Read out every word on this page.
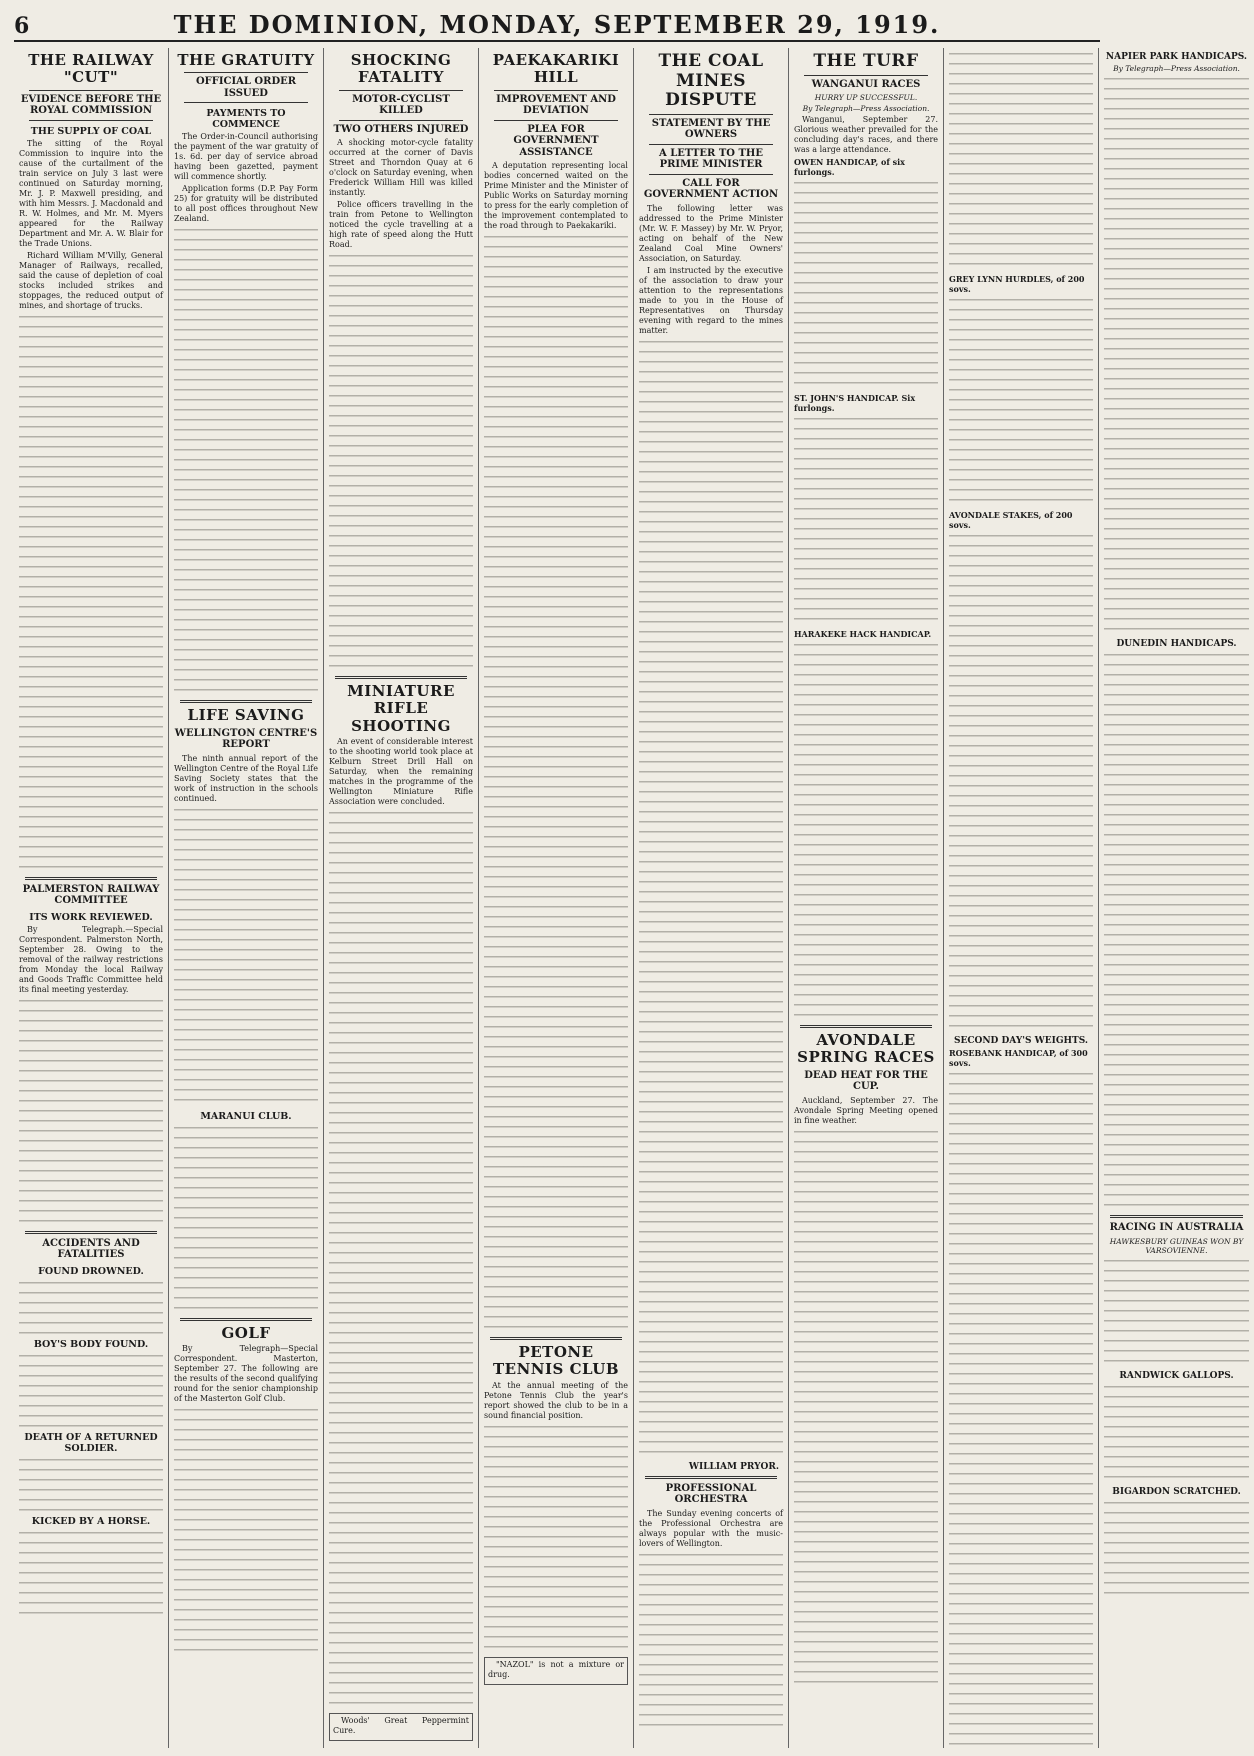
6	THE DOMINION, MONDAY, SEPTEMBER 29, 1919.
THE RAILWAY "CUT"
EVIDENCE BEFORE THE ROYAL COMMISSION
THE SUPPLY OF COAL

The sitting of the Royal Commission to inquire into the cause of the curtailment of the train service on July 3 last were continued on Saturday morning, Mr. J. P. Maxwell presiding, and with him Messrs. J. Macdonald and R. W. Holmes, and Mr. M. Myers appeared for the Railway Department and Mr. A. W. Blair for the Trade Unions.

Richard William M'Villy, General Manager of Railways, recalled, said the cause of depletion of coal stocks included strikes and stoppages, the reduced output of mines, and shortage of trucks.

PALMERSTON RAILWAY COMMITTEE
ITS WORK REVIEWED.

By Telegraph.—Special Correspondent. Palmerston North, September 28. Owing to the removal of the railway restrictions from Monday the local Railway and Goods Traffic Committee held its final meeting yesterday.

ACCIDENTS AND FATALITIES
FOUND DROWNED.
BOY'S BODY FOUND.
DEATH OF A RETURNED SOLDIER.
KICKED BY A HORSE.
THE GRATUITY
OFFICIAL ORDER ISSUED
PAYMENTS TO COMMENCE

The Order-in-Council authorising the payment of the war gratuity of 1s. 6d. per day of service abroad having been gazetted, payment will commence shortly.

Application forms (D.P. Pay Form 25) for gratuity will be distributed to all post offices throughout New Zealand.

LIFE SAVING
WELLINGTON CENTRE'S REPORT

The ninth annual report of the Wellington Centre of the Royal Life Saving Society states that the work of instruction in the schools continued.

MARANUI CLUB.
GOLF

By Telegraph—Special Correspondent. Masterton, September 27. The following are the results of the second qualifying round for the senior championship of the Masterton Golf Club.

SHOCKING FATALITY
MOTOR-CYCLIST KILLED
TWO OTHERS INJURED

A shocking motor-cycle fatality occurred at the corner of Davis Street and Thorndon Quay at 6 o'clock on Saturday evening, when Frederick William Hill was killed instantly.

Police officers travelling in the train from Petone to Wellington noticed the cycle travelling at a high rate of speed along the Hutt Road.

MINIATURE RIFLE SHOOTING

An event of considerable interest to the shooting world took place at Kelburn Street Drill Hall on Saturday, when the remaining matches in the programme of the Wellington Miniature Rifle Association were concluded.

Woods' Great Peppermint Cure.

PAEKAKARIKI HILL
IMPROVEMENT AND DEVIATION
PLEA FOR GOVERNMENT ASSISTANCE

A deputation representing local bodies concerned waited on the Prime Minister and the Minister of Public Works on Saturday morning to press for the early completion of the improvement contemplated to the road through to Paekakariki.

PETONE TENNIS CLUB

At the annual meeting of the Petone Tennis Club the year's report showed the club to be in a sound financial position.

"NAZOL" is not a mixture or drug.

THE COAL MINES DISPUTE
STATEMENT BY THE OWNERS
A LETTER TO THE PRIME MINISTER
CALL FOR GOVERNMENT ACTION

The following letter was addressed to the Prime Minister (Mr. W. F. Massey) by Mr. W. Pryor, acting on behalf of the New Zealand Coal Mine Owners' Association, on Saturday.

I am instructed by the executive of the association to draw your attention to the representations made to you in the House of Representatives on Thursday evening with regard to the mines matter.

WILLIAM PRYOR.
PROFESSIONAL ORCHESTRA

The Sunday evening concerts of the Professional Orchestra are always popular with the music-lovers of Wellington.

THE TURF
WANGANUI RACES
HURRY UP SUCCESSFUL.
By Telegraph—Press Association.

Wanganui, September 27. Glorious weather prevailed for the concluding day's races, and there was a large attendance.

OWEN HANDICAP, of six furlongs.
ST. JOHN'S HANDICAP. Six furlongs.
HARAKEKE HACK HANDICAP.
AVONDALE SPRING RACES
DEAD HEAT FOR THE CUP.

Auckland, September 27. The Avondale Spring Meeting opened in fine weather.

GREY LYNN HURDLES, of 200 sovs.
AVONDALE STAKES, of 200 sovs.
SECOND DAY'S WEIGHTS.
ROSEBANK HANDICAP, of 300 sovs.
NAPIER PARK HANDICAPS.
By Telegraph—Press Association.
DUNEDIN HANDICAPS.
RACING IN AUSTRALIA
HAWKESBURY GUINEAS WON BY VARSOVIENNE.
RANDWICK GALLOPS.
BIGARDON SCRATCHED.
